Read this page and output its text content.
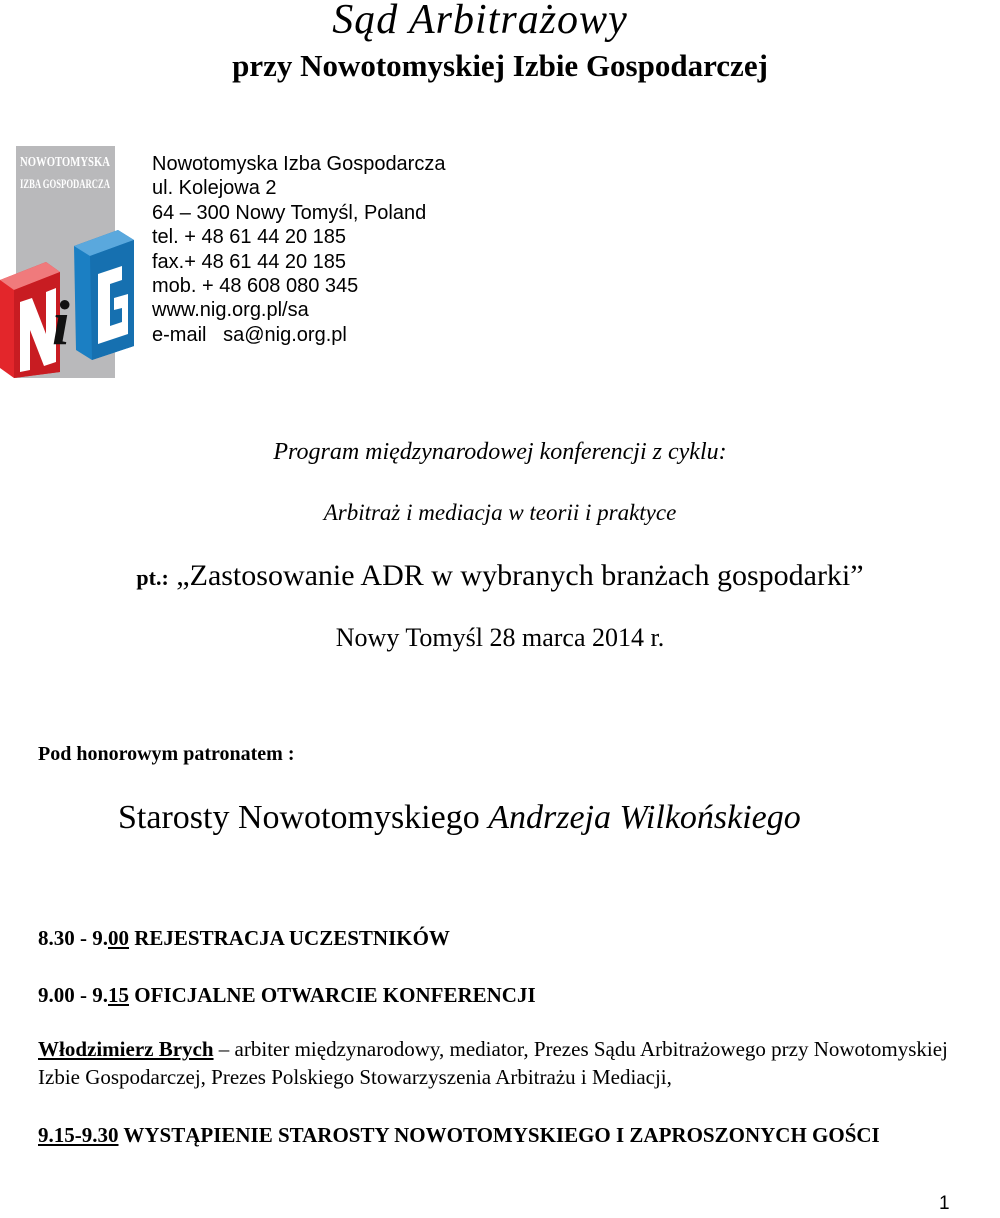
Sąd Arbitrażowy
przy Nowotomyskiej Izbie Gospodarczej
NOWOTOMYSKA
IZBA GOSPODARCZA
i
Nowotomyska Izba Gospodarcza
ul. Kolejowa 2
64 – 300 Nowy Tomyśl, Poland
tel. + 48 61 44 20 185
fax.+ 48 61 44 20 185
mob. + 48 608 080 345
www.nig.org.pl/sa
e-mail sa@nig.org.pl
Program międzynarodowej konferencji z cyklu:
Arbitraż i mediacja w teorii i praktyce
pt.: „Zastosowanie ADR w wybranych branżach gospodarki”
Nowy Tomyśl 28 marca 2014 r.
Pod honorowym patronatem :
Starosty Nowotomyskiego Andrzeja Wilkońskiego
8.30 - 9.00 REJESTRACJA UCZESTNIKÓW
9.00 - 9.15 OFICJALNE OTWARCIE KONFERENCJI
Włodzimierz Brych – arbiter międzynarodowy, mediator, Prezes Sądu Arbitrażowego przy Nowotomyskiej Izbie Gospodarczej, Prezes Polskiego Stowarzyszenia Arbitrażu i Mediacji,
9.15-9.30 WYSTĄPIENIE STAROSTY NOWOTOMYSKIEGO I ZAPROSZONYCH GOŚCI
1
